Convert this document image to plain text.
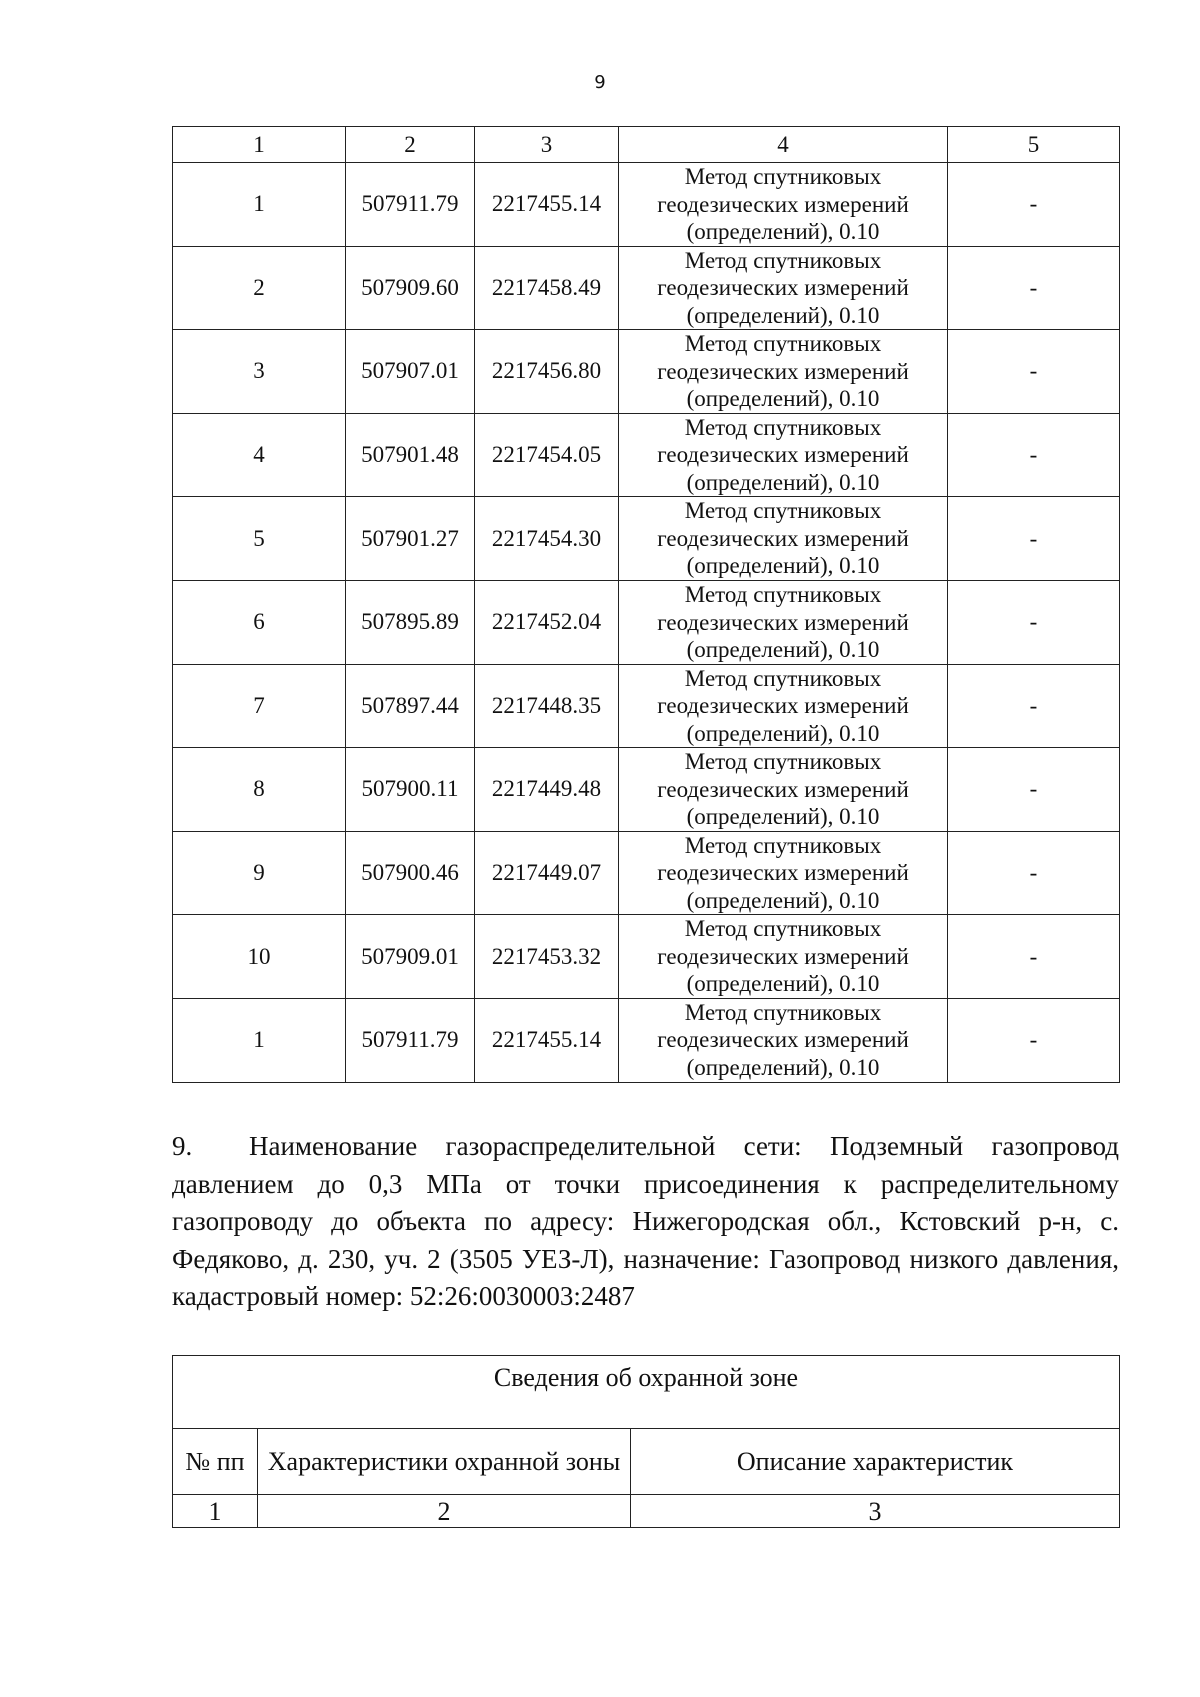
9
1	2	3	4	5
1	507911.79	2217455.14	Метод спутниковых
геодезических измерений
(определений), 0.10	-
2	507909.60	2217458.49	Метод спутниковых
геодезических измерений
(определений), 0.10	-
3	507907.01	2217456.80	Метод спутниковых
геодезических измерений
(определений), 0.10	-
4	507901.48	2217454.05	Метод спутниковых
геодезических измерений
(определений), 0.10	-
5	507901.27	2217454.30	Метод спутниковых
геодезических измерений
(определений), 0.10	-
6	507895.89	2217452.04	Метод спутниковых
геодезических измерений
(определений), 0.10	-
7	507897.44	2217448.35	Метод спутниковых
геодезических измерений
(определений), 0.10	-
8	507900.11	2217449.48	Метод спутниковых
геодезических измерений
(определений), 0.10	-
9	507900.46	2217449.07	Метод спутниковых
геодезических измерений
(определений), 0.10	-
10	507909.01	2217453.32	Метод спутниковых
геодезических измерений
(определений), 0.10	-
1	507911.79	2217455.14	Метод спутниковых
геодезических измерений
(определений), 0.10	-
9. Наименование газораспределительной сети: Подземный газопровод давлением до 0,3 МПа от точки присоединения к распределительному газопроводу до объекта по адресу: Нижегородская обл., Кстовский р-н, с. Федяково, д. 230, уч. 2 (3505 УЕЗ-Л), назначение: Газопровод низкого давления, кадастровый номер: 52:26:0030003:2487
Сведения об охранной зоне		
№ пп	Характеристики охранной зоны	Описание характеристик
1	2	3
